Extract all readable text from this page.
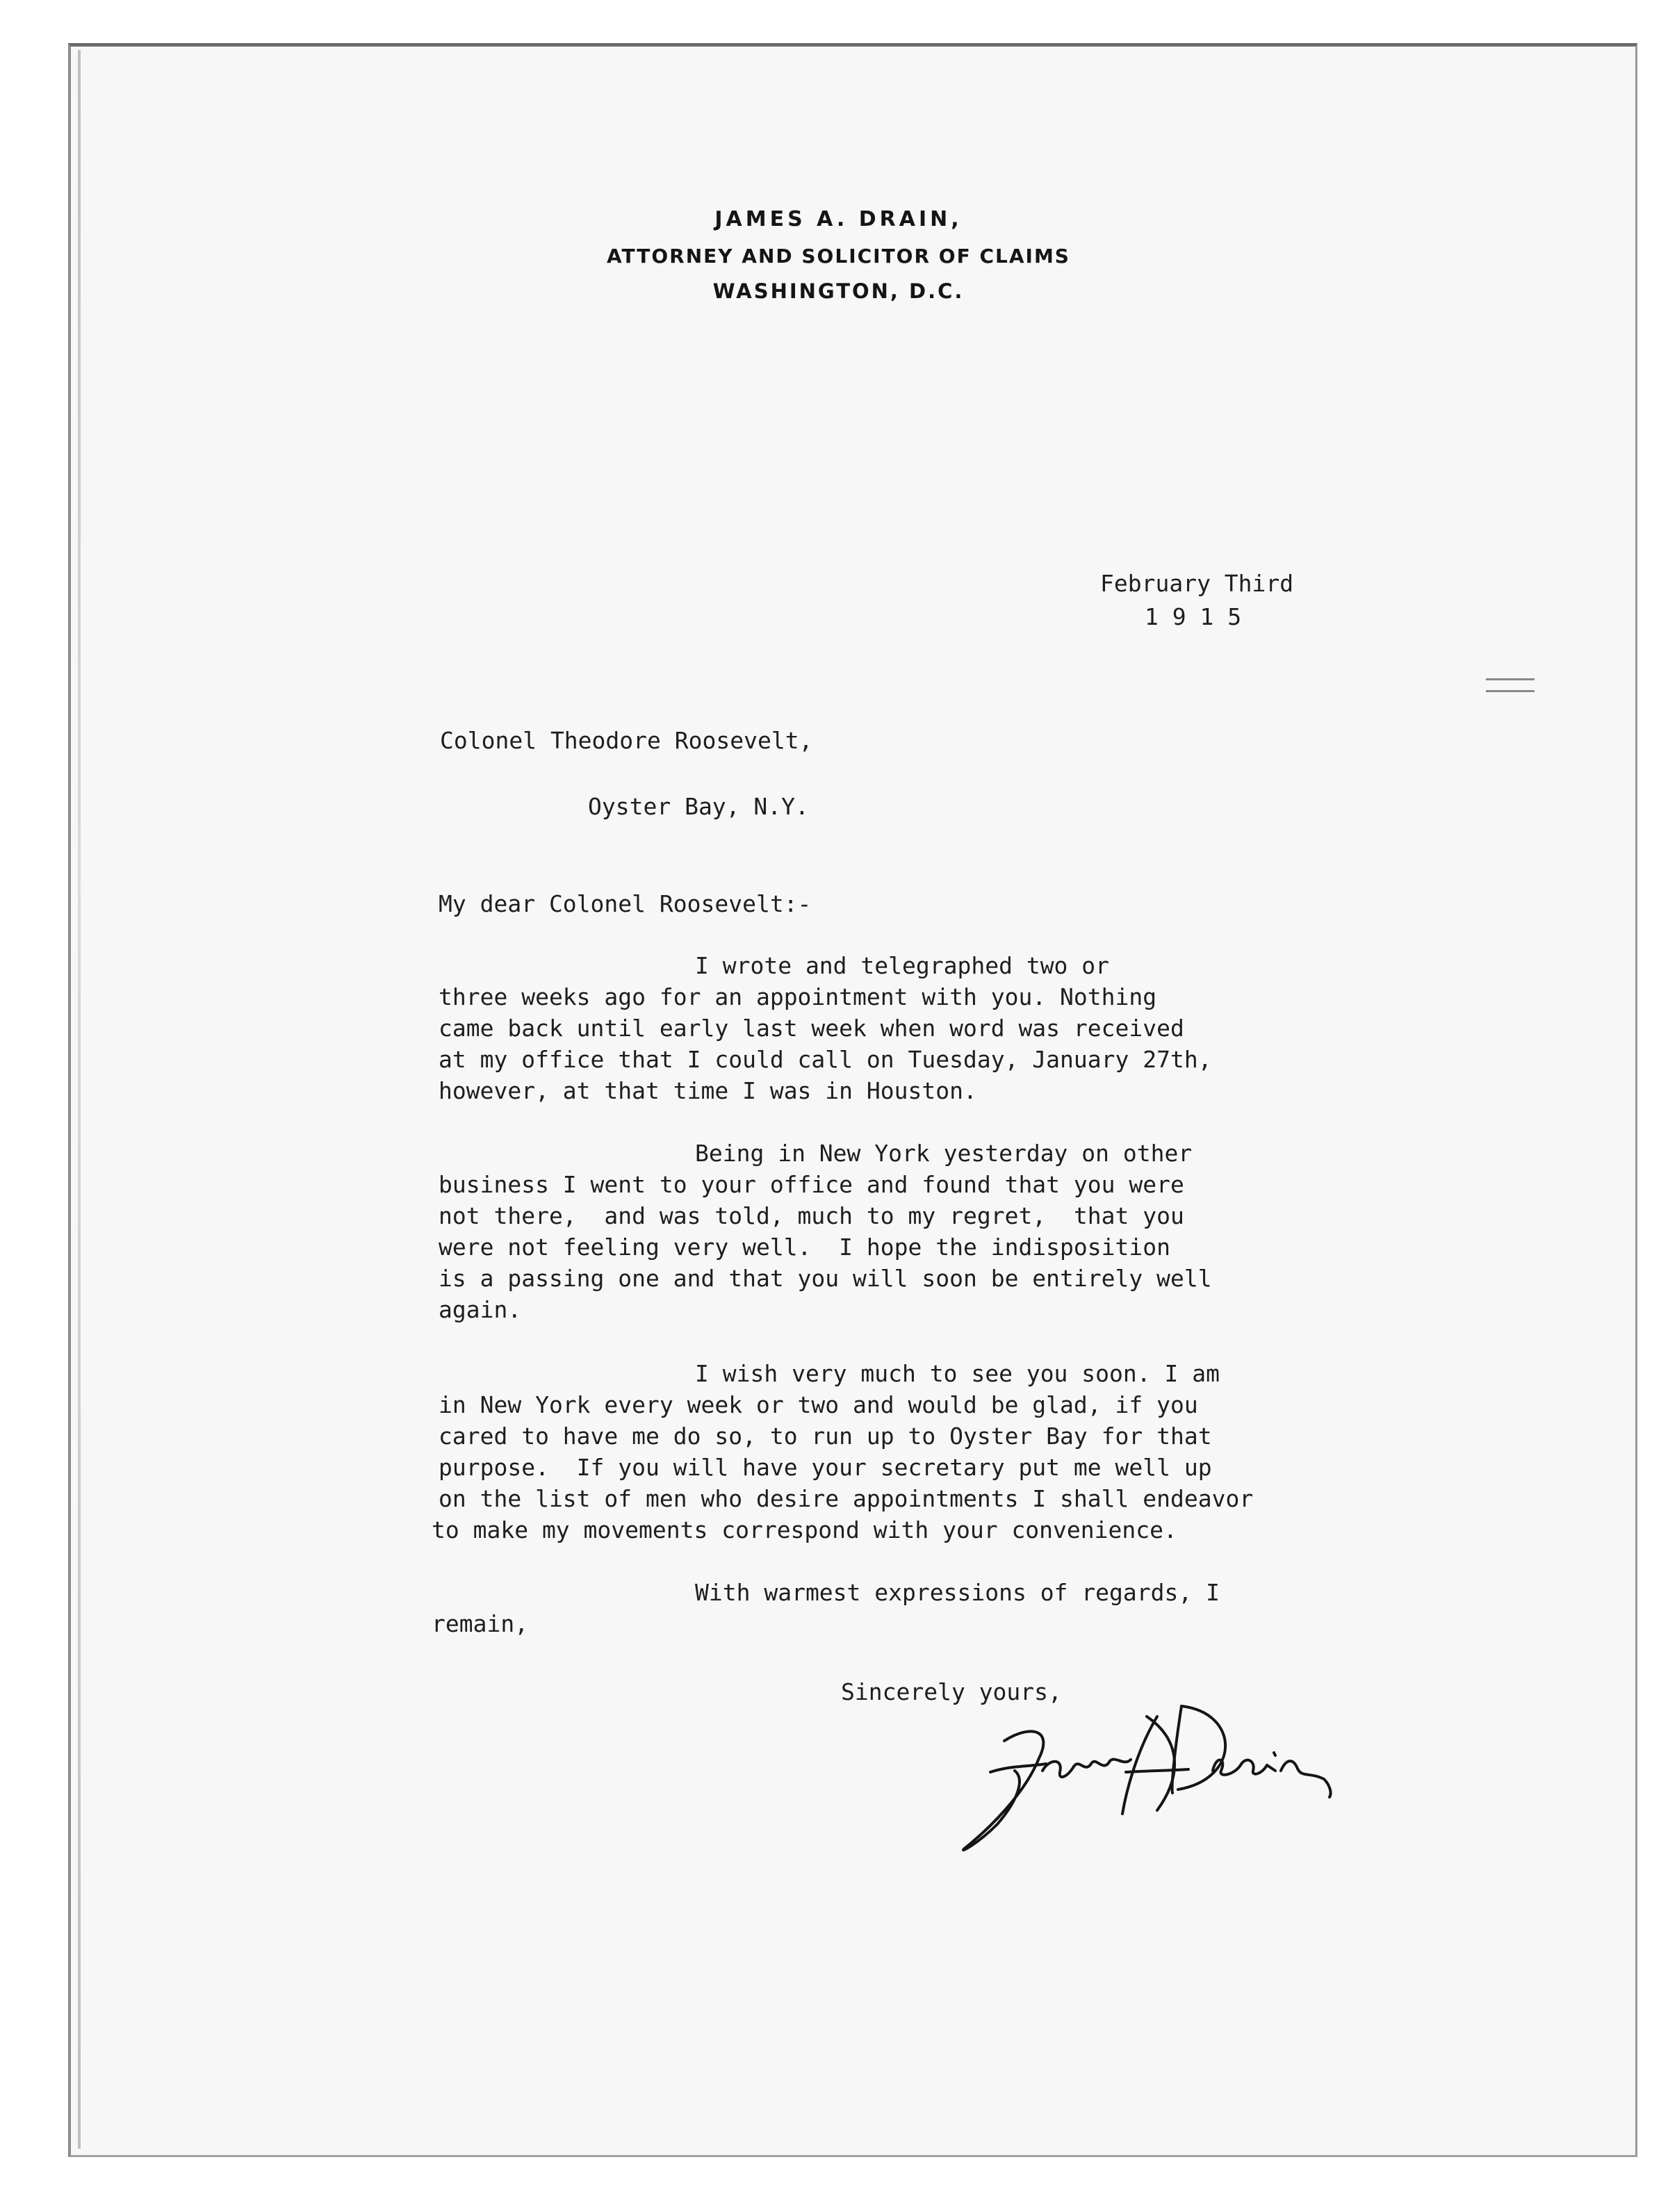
JAMES A. DRAIN,
ATTORNEY AND SOLICITOR OF CLAIMS
WASHINGTON, D.C.
February Third
1 9 1 5
Colonel Theodore Roosevelt,
Oyster Bay, N.Y.
My dear Colonel Roosevelt:-
I wrote and telegraphed two or
three weeks ago for an appointment with you. Nothing
came back until early last week when word was received
at my office that I could call on Tuesday, January 27th,
however, at that time I was in Houston.
Being in New York yesterday on other
business I went to your office and found that you were
not there,  and was told, much to my regret,  that you
were not feeling very well.  I hope the indisposition
is a passing one and that you will soon be entirely well
again.
I wish very much to see you soon. I am
in New York every week or two and would be glad, if you
cared to have me do so, to run up to Oyster Bay for that
purpose.  If you will have your secretary put me well up
on the list of men who desire appointments I shall endeavor
to make my movements correspond with your convenience.
With warmest expressions of regards, I
remain,
Sincerely yours,
